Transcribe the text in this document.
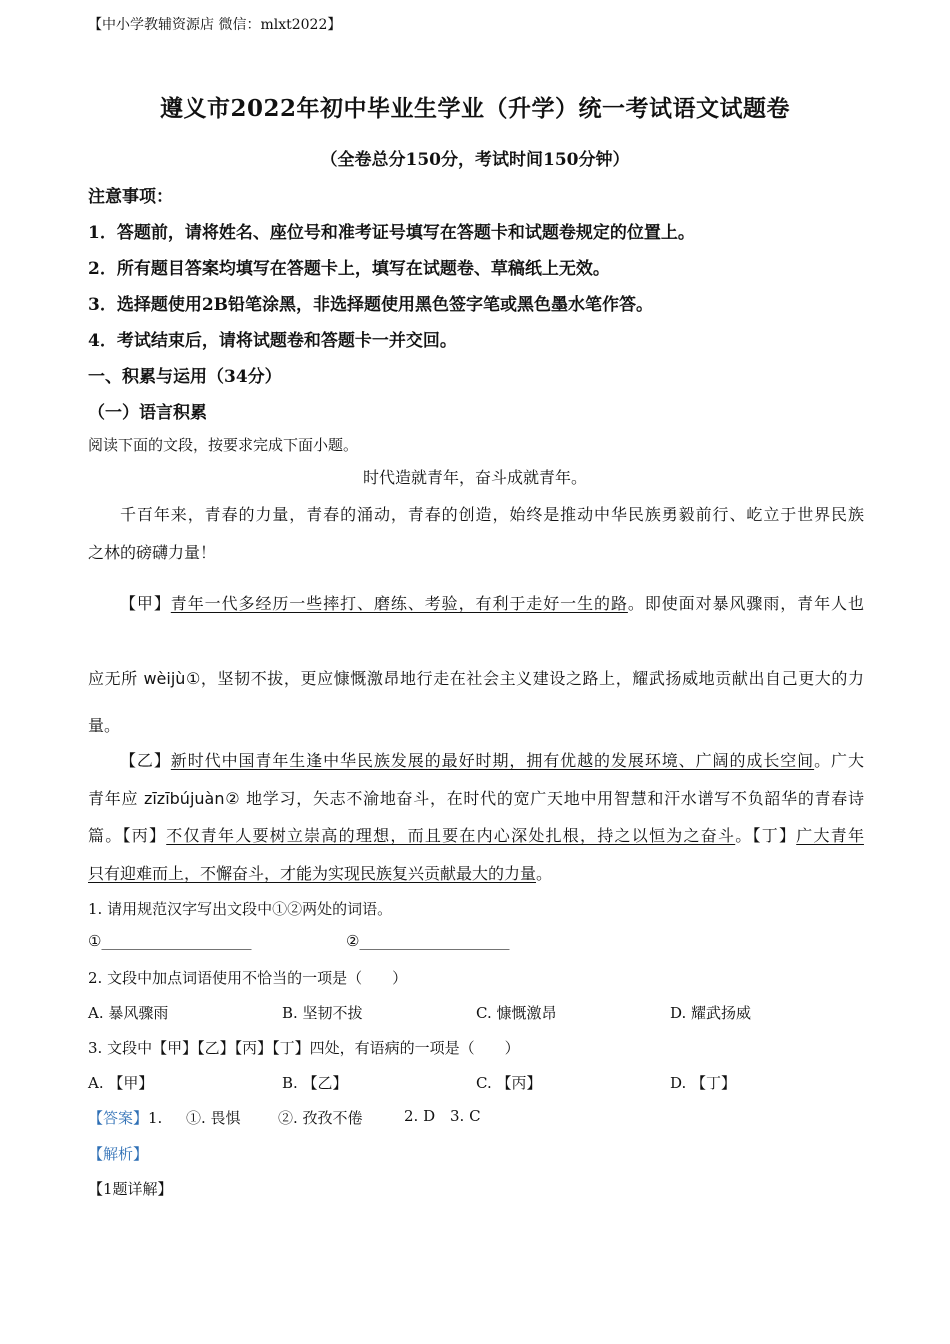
【中小学教辅资源店 微信：mlxt2022】
遵义市2022年初中毕业生学业（升学）统一考试语文试题卷
（全卷总分150分，考试时间150分钟）
注意事项：
1．答题前，请将姓名、座位号和准考证号填写在答题卡和试题卷规定的位置上。
2．所有题目答案均填写在答题卡上，填写在试题卷、草稿纸上无效。
3．选择题使用2B铅笔涂黑，非选择题使用黑色签字笔或黑色墨水笔作答。
4．考试结束后，请将试题卷和答题卡一并交回。
一、积累与运用（34分）
（一）语言积累
阅读下面的文段，按要求完成下面小题。
时代造就青年，奋斗成就青年。
千百年来，青春的力量，青春的涌动，青春的创造，始终是推动中华民族勇毅前行、屹立于世界民族
之林的磅礴力量！
【甲】青年一代多经历一些摔打、磨练、考验，有利于走好一生的路。即使面对暴风骤雨，青年人也
应无所 wèijù①，坚韧不拔，更应慷慨激昂地行走在社会主义建设之路上，耀武扬威地贡献出自己更大的力
量。
【乙】新时代中国青年生逢中华民族发展的最好时期，拥有优越的发展环境、广阔的成长空间。广大
青年应 zīzībújuàn② 地学习，矢志不渝地奋斗，在时代的宽广天地中用智慧和汗水谱写不负韶华的青春诗
篇。【丙】不仅青年人要树立崇高的理想，而且要在内心深处扎根，持之以恒为之奋斗。【丁】广大青年
只有迎难而上，不懈奋斗，才能为实现民族复兴贡献最大的力量。
1. 请用规范汉字写出文段中①②两处的词语。
①____________________	②____________________
2. 文段中加点词语使用不恰当的一项是（　　）
A. 暴风骤雨	B. 坚韧不拔	C. 慷慨激昂	D. 耀武扬威
3. 文段中【甲】【乙】【丙】【丁】四处，有语病的一项是（　　）
A. 【甲】	B. 【乙】	C. 【丙】	D. 【丁】
【答案】1. ①. 畏惧 ②. 孜孜不倦	2. D 3. C
【解析】
【1题详解】
